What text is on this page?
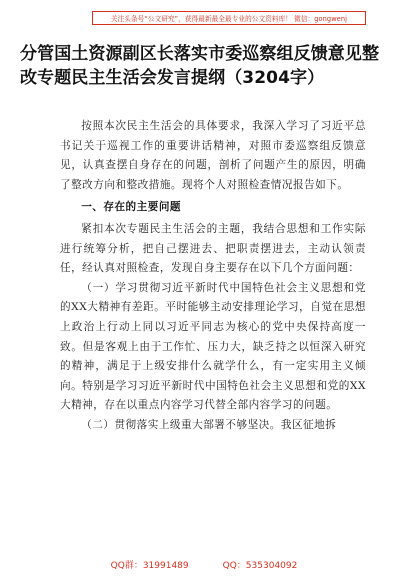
关注头条号“公文研究”，获得最新最全最专业的公文资料库！ 微信：gongwenj
分管国土资源副区长落实市委巡察组反馈意见整改专题民主生活会发言提纲（3204字）

按照本次民主生活会的具体要求，我深入学习了习近平总书记关于巡视工作的重要讲话精神，对照市委巡察组反馈意见，认真查摆自身存在的问题，剖析了问题产生的原因，明确了整改方向和整改措施。现将个人对照检查情况报告如下。

一、存在的主要问题

紧扣本次专题民主生活会的主题，我结合思想和工作实际进行统筹分析，把自己摆进去、把职责摆进去，主动认领责任，经认真对照检查，发现自身主要存在以下几个方面问题：

（一）学习贯彻习近平新时代中国特色社会主义思想和党的XX大精神有差距。平时能够主动安排理论学习，自觉在思想上政治上行动上同以习近平同志为核心的党中央保持高度一致。但是客观上由于工作忙、压力大，缺乏持之以恒深入研究的精神，满足于上级安排什么就学什么，有一定实用主义倾向。特别是学习习近平新时代中国特色社会主义思想和党的XX大精神，存在以重点内容学习代替全部内容学习的问题。

（二）贯彻落实上级重大部署不够坚决。我区征地拆

QQ群：31991489	QQ：535304092
